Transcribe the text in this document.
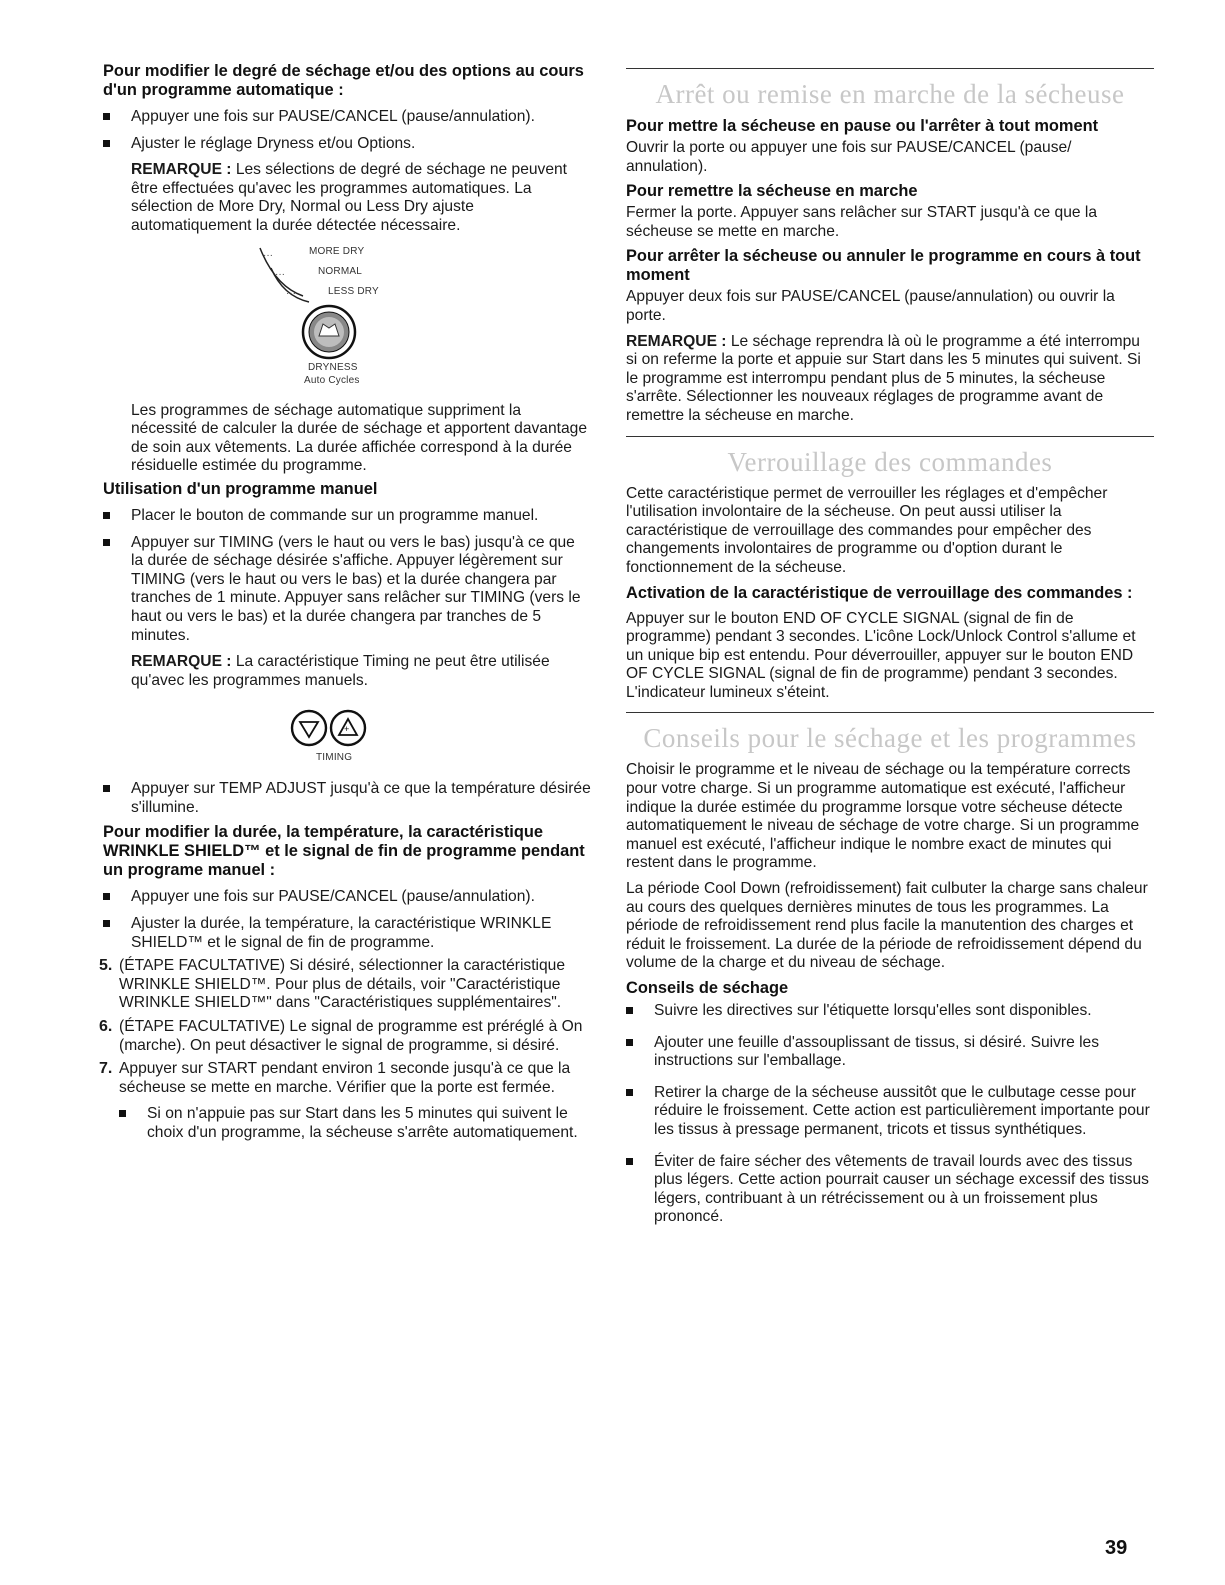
Pour modifier le degré de séchage et/ou des options au cours d'un programme automatique :

Appuyer une fois sur PAUSE/CANCEL (pause/annulation).

Ajuster le réglage Dryness et/ou Options.

REMARQUE : Les sélections de degré de séchage ne peuvent être effectuées qu'avec les programmes automatiques. La sélection de More Dry, Normal ou Less Dry ajuste automatiquement la durée détectée nécessaire.

···
···
···
MORE DRY
NORMAL
LESS DRY
DRYNESS
Auto Cycles

Les programmes de séchage automatique suppriment la nécessité de calculer la durée de séchage et apportent davantage de soin aux vêtements. La durée affichée correspond à la durée résiduelle estimée du programme.

Utilisation d'un programme manuel

Placer le bouton de commande sur un programme manuel.

Appuyer sur TIMING (vers le haut ou vers le bas) jusqu'à ce que la durée de séchage désirée s'affiche. Appuyer légèrement sur TIMING (vers le haut ou vers le bas) et la durée changera par tranches de 1 minute. Appuyer sans relâcher sur TIMING (vers le haut ou vers le bas) et la durée changera par tranches de 5 minutes.

REMARQUE : La caractéristique Timing ne peut être utilisée qu'avec les programmes manuels.

+
TIMING

Appuyer sur TEMP ADJUST jusqu'à ce que la température désirée s'illumine.

Pour modifier la durée, la température, la caractéristique WRINKLE SHIELD™ et le signal de fin de programme pendant un programe manuel :

Appuyer une fois sur PAUSE/CANCEL (pause/annulation).

Ajuster la durée, la température, la caractéristique WRINKLE SHIELD™ et le signal de fin de programme.

5. (ÉTAPE FACULTATIVE) Si désiré, sélectionner la caractéristique WRINKLE SHIELD™. Pour plus de détails, voir "Caractéristique WRINKLE SHIELD™" dans "Caractéristiques supplémentaires".

6. (ÉTAPE FACULTATIVE) Le signal de programme est préréglé à On (marche). On peut désactiver le signal de programme, si désiré.

7. Appuyer sur START pendant environ 1 seconde jusqu'à ce que la sécheuse se mette en marche. Vérifier que la porte est fermée.

Si on n'appuie pas sur Start dans les 5 minutes qui suivent le choix d'un programme, la sécheuse s'arrête automatiquement.

Arrêt ou remise en marche de la sécheuse

Pour mettre la sécheuse en pause ou l'arrêter à tout moment

Ouvrir la porte ou appuyer une fois sur PAUSE/CANCEL (pause/ annulation).

Pour remettre la sécheuse en marche

Fermer la porte. Appuyer sans relâcher sur START jusqu'à ce que la sécheuse se mette en marche.

Pour arrêter la sécheuse ou annuler le programme en cours à tout moment

Appuyer deux fois sur PAUSE/CANCEL (pause/annulation) ou ouvrir la porte.

REMARQUE : Le séchage reprendra là où le programme a été interrompu si on referme la porte et appuie sur Start dans les 5 minutes qui suivent. Si le programme est interrompu pendant plus de 5 minutes, la sécheuse s'arrête. Sélectionner les nouveaux réglages de programme avant de remettre la sécheuse en marche.

Verrouillage des commandes

Cette caractéristique permet de verrouiller les réglages et d'empêcher l'utilisation involontaire de la sécheuse. On peut aussi utiliser la caractéristique de verrouillage des commandes pour empêcher des changements involontaires de programme ou d'option durant le fonctionnement de la sécheuse.

Activation de la caractéristique de verrouillage des commandes :

Appuyer sur le bouton END OF CYCLE SIGNAL (signal de fin de programme) pendant 3 secondes. L'icône Lock/Unlock Control s'allume et un unique bip est entendu. Pour déverrouiller, appuyer sur le bouton END OF CYCLE SIGNAL (signal de fin de programme) pendant 3 secondes. L'indicateur lumineux s'éteint.

Conseils pour le séchage et les programmes

Choisir le programme et le niveau de séchage ou la température corrects pour votre charge. Si un programme automatique est exécuté, l'afficheur indique la durée estimée du programme lorsque votre sécheuse détecte automatiquement le niveau de séchage de votre charge. Si un programme manuel est exécuté, l'afficheur indique le nombre exact de minutes qui restent dans le programme.

La période Cool Down (refroidissement) fait culbuter la charge sans chaleur au cours des quelques dernières minutes de tous les programmes. La période de refroidissement rend plus facile la manutention des charges et réduit le froissement. La durée de la période de refroidissement dépend du volume de la charge et du niveau de séchage.

Conseils de séchage

Suivre les directives sur l'étiquette lorsqu'elles sont disponibles.

Ajouter une feuille d'assouplissant de tissus, si désiré. Suivre les instructions sur l'emballage.

Retirer la charge de la sécheuse aussitôt que le culbutage cesse pour réduire le froissement. Cette action est particulièrement importante pour les tissus à pressage permanent, tricots et tissus synthétiques.

Éviter de faire sécher des vêtements de travail lourds avec des tissus plus légers. Cette action pourrait causer un séchage excessif des tissus légers, contribuant à un rétrécissement ou à un froissement plus prononcé.

39
